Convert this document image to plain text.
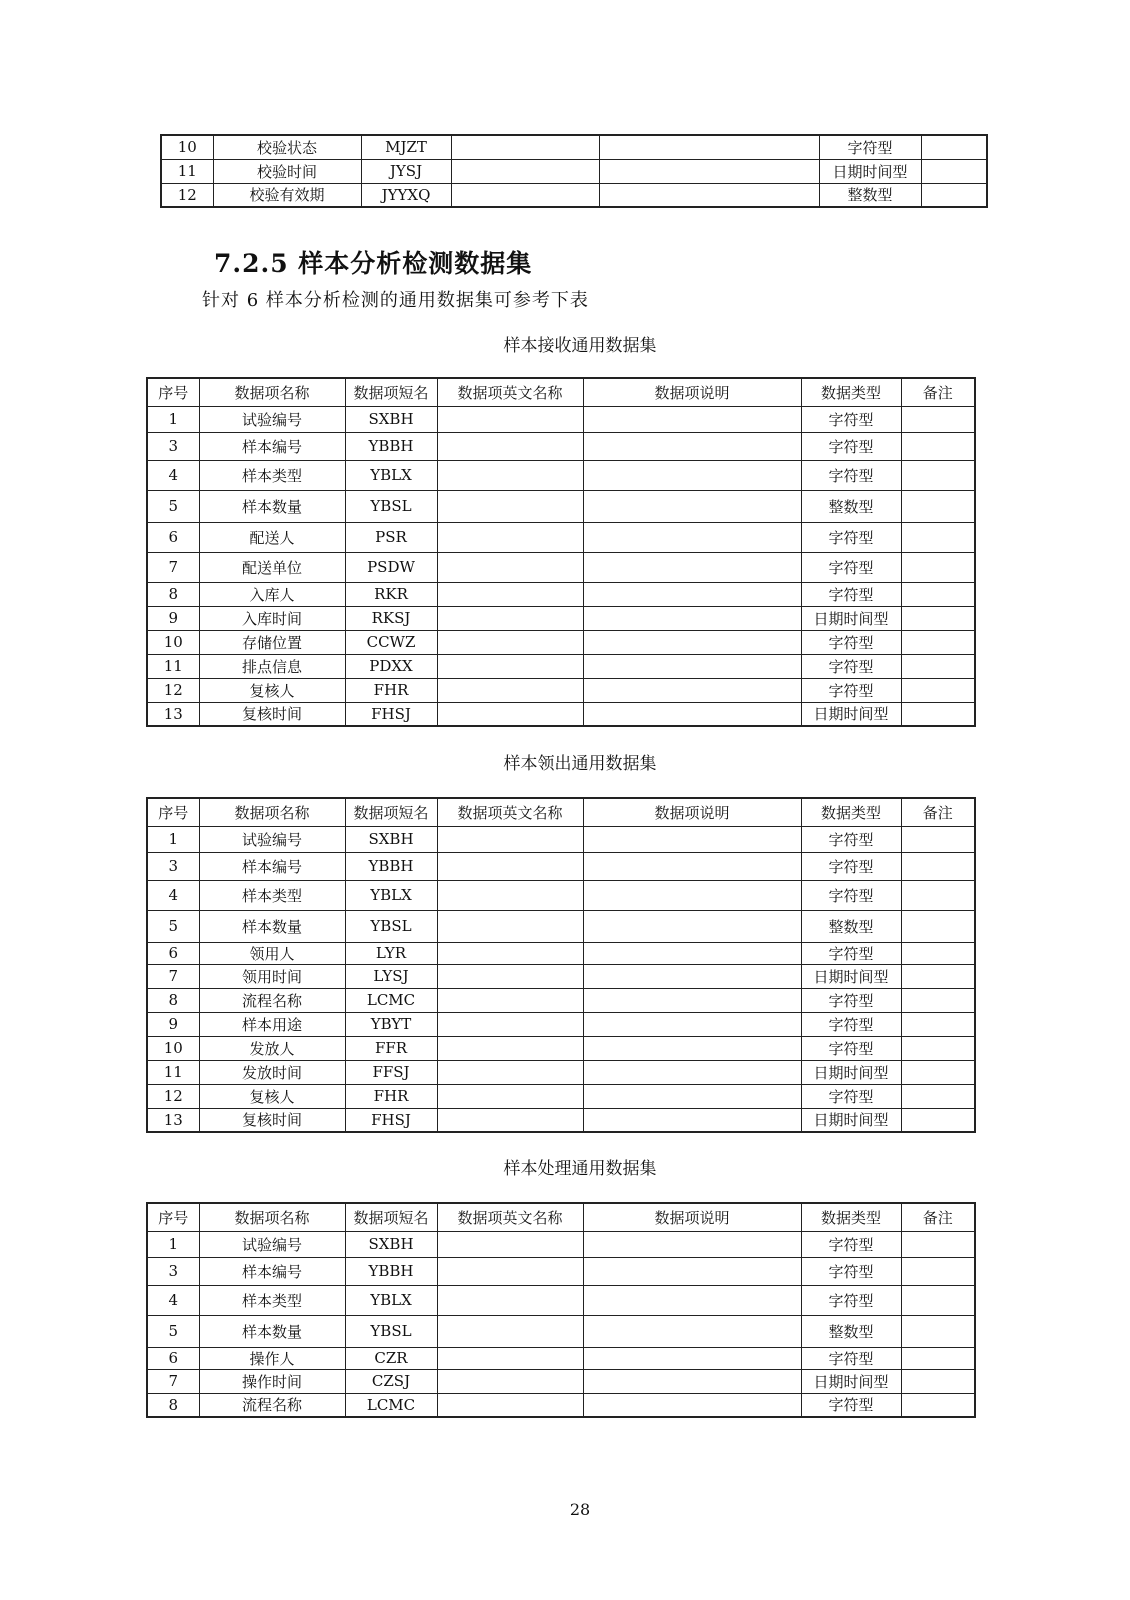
10	校验状态	MJZT			字符型	
11	校验时间	JYSJ			日期时间型	
12	校验有效期	JYYXQ			整数型	
7.2.5 样本分析检测数据集
针对 6 样本分析检测的通用数据集可参考下表
样本接收通用数据集
序号	数据项名称	数据项短名	数据项英文名称	数据项说明	数据类型	备注
1	试验编号	SXBH			字符型	
3	样本编号	YBBH			字符型	
4	样本类型	YBLX			字符型	
5	样本数量	YBSL			整数型	
6	配送人	PSR			字符型	
7	配送单位	PSDW			字符型	
8	入库人	RKR			字符型	
9	入库时间	RKSJ			日期时间型	
10	存储位置	CCWZ			字符型	
11	排点信息	PDXX			字符型	
12	复核人	FHR			字符型	
13	复核时间	FHSJ			日期时间型	
样本领出通用数据集
序号	数据项名称	数据项短名	数据项英文名称	数据项说明	数据类型	备注
1	试验编号	SXBH			字符型	
3	样本编号	YBBH			字符型	
4	样本类型	YBLX			字符型	
5	样本数量	YBSL			整数型	
6	领用人	LYR			字符型	
7	领用时间	LYSJ			日期时间型	
8	流程名称	LCMC			字符型	
9	样本用途	YBYT			字符型	
10	发放人	FFR			字符型	
11	发放时间	FFSJ			日期时间型	
12	复核人	FHR			字符型	
13	复核时间	FHSJ			日期时间型	
样本处理通用数据集
序号	数据项名称	数据项短名	数据项英文名称	数据项说明	数据类型	备注
1	试验编号	SXBH			字符型	
3	样本编号	YBBH			字符型	
4	样本类型	YBLX			字符型	
5	样本数量	YBSL			整数型	
6	操作人	CZR			字符型	
7	操作时间	CZSJ			日期时间型	
8	流程名称	LCMC			字符型	
28
